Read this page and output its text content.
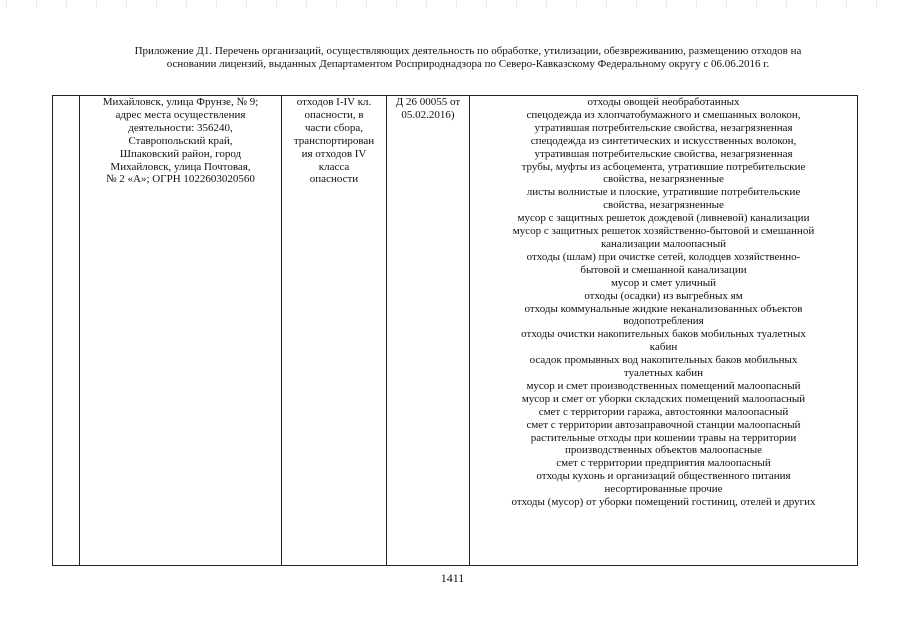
Приложение Д1. Перечень организаций, осуществляющих деятельность по обработке, утилизации, обезвреживанию, размещению отходов на
основании лицензий, выданных Департаментом Росприроднадзора по Северо-Кавказскому Федеральному округу с 06.06.2016 г.

Михайловск, улица Фрунзе, № 9;
адрес места осуществления
деятельности: 356240,
Ставропольский край,
Шпаковский район, город
Михайловск, улица Почтовая,
№ 2 «А»; ОГРН 1022603020560

отходов I-IV кл.
опасности, в
части сбора,
транспортирован
ия отходов IV
класса
опасности

Д 26 00055 от
05.02.2016)

отходы овощей необработанных
спецодежда из хлопчатобумажного и смешанных волокон,
утратившая потребительские свойства, незагрязненная
спецодежда из синтетических и искусственных волокон,
утратившая потребительские свойства, незагрязненная
трубы, муфты из асбоцемента, утратившие потребительские
свойства, незагрязненные
листы волнистые и плоские, утратившие потребительские
свойства, незагрязненные
мусор с защитных решеток дождевой (ливневой) канализации
мусор с защитных решеток хозяйственно-бытовой и смешанной
канализации малоопасный
отходы (шлам) при очистке сетей, колодцев хозяйственно-
бытовой и смешанной канализации
мусор и смет уличный
отходы (осадки) из выгребных ям
отходы коммунальные жидкие неканализованных объектов
водопотребления
отходы очистки накопительных баков мобильных туалетных
кабин
осадок промывных вод накопительных баков мобильных
туалетных кабин
мусор и смет производственных помещений малоопасный
мусор и смет от уборки складских помещений малоопасный
смет с территории гаража, автостоянки малоопасный
смет с территории автозаправочной станции малоопасный
растительные отходы при кошении травы на территории
производственных объектов малоопасные
смет с территории предприятия малоопасный
отходы кухонь и организаций общественного питания
несортированные прочие
отходы (мусор) от уборки помещений гостиниц, отелей и других
1411
